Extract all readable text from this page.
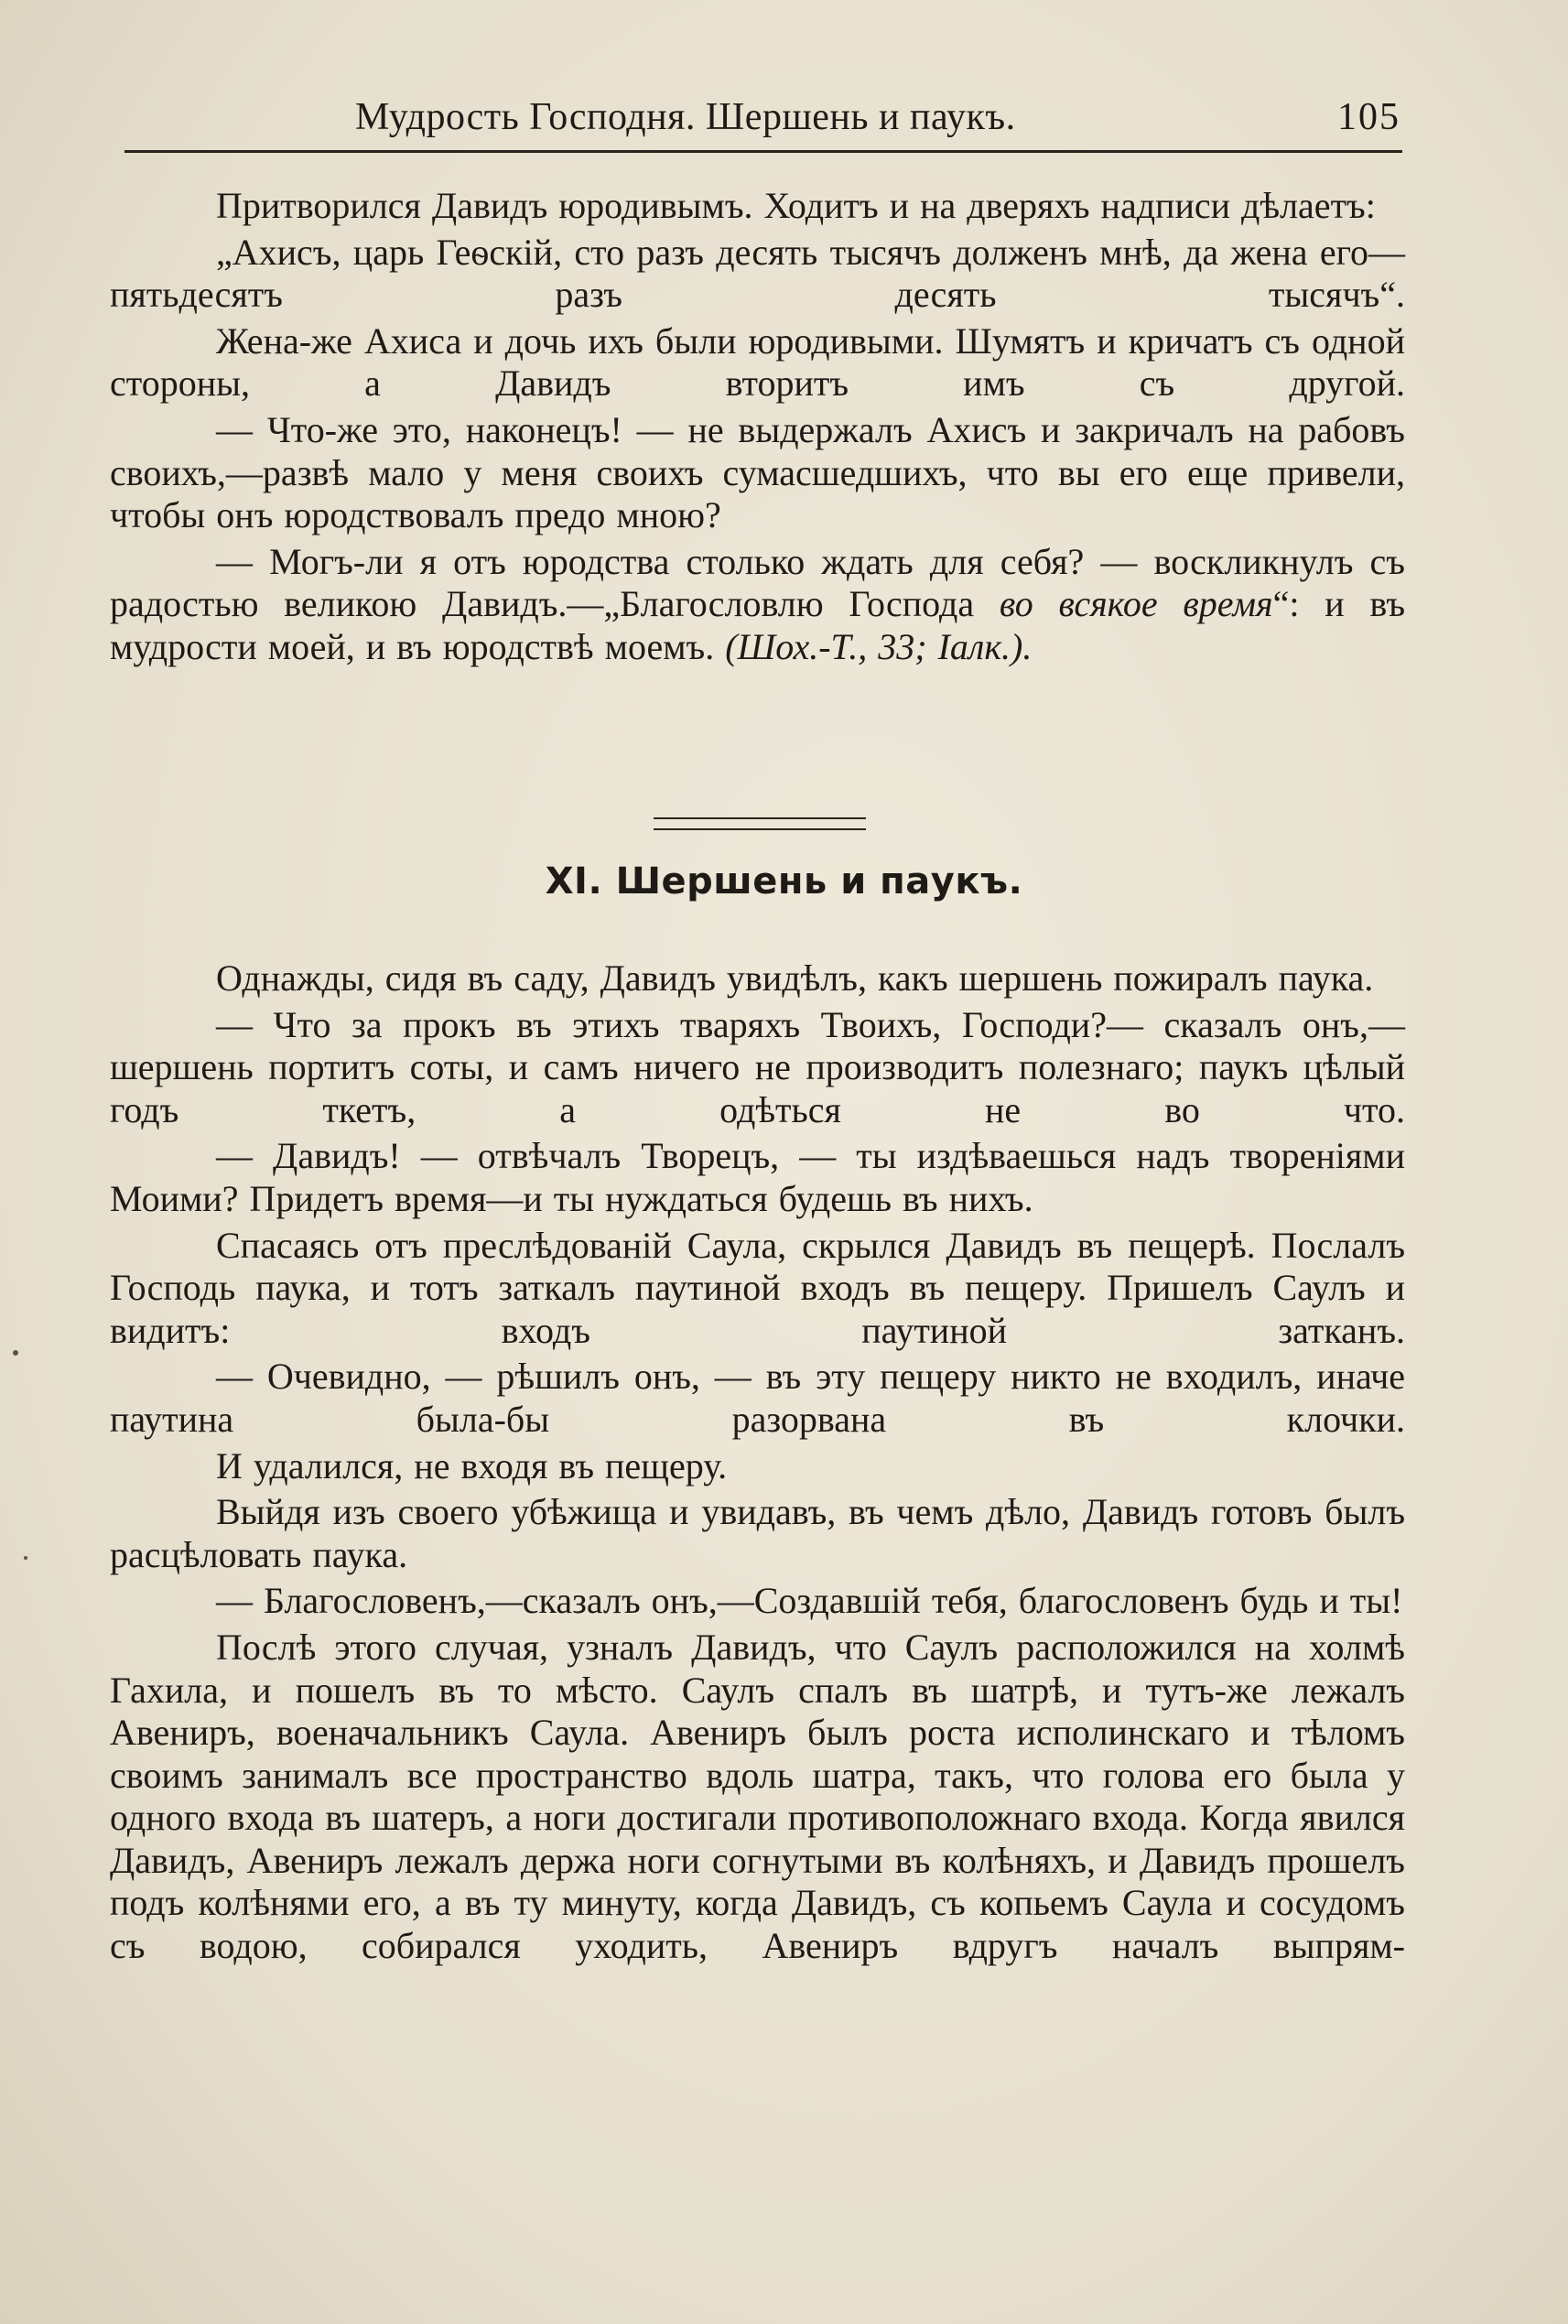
Мудрость Господня. Шершень и паукъ.	105

Притворился Давидъ юродивымъ. Ходитъ и на дверяхъ надписи дѣлаетъ:

„Ахисъ, царь Геѳскій, сто разъ десять тысячъ долженъ мнѣ, да жена его—пятьдесятъ разъ десять тысячъ“.

Жена-же Ахиса и дочь ихъ были юродивыми. Шумятъ и кричатъ съ одной стороны, а Давидъ вторитъ имъ съ другой.

— Что-же это, наконецъ! — не выдержалъ Ахисъ и закричалъ на рабовъ своихъ,—развѣ мало у меня своихъ сумасшедшихъ, что вы его еще привели, чтобы онъ юродствовалъ предо мною?

— Могъ-ли я отъ юродства столько ждать для себя? — воскликнулъ съ радостью великою Давидъ.—„Благословлю Господа во всякое время“: и въ мудрости моей, и въ юродствѣ моемъ. (Шох.-Т., 33; Іалк.).

XI. Шершень и паукъ.

Однажды, сидя въ саду, Давидъ увидѣлъ, какъ шершень пожиралъ паука.

— Что за прокъ въ этихъ тваряхъ Твоихъ, Господи?— сказалъ онъ,—шершень портитъ соты, и самъ ничего не производитъ полезнаго; паукъ цѣлый годъ ткетъ, а одѣться не во что.

— Давидъ! — отвѣчалъ Творецъ, — ты издѣваешься надъ твореніями Моими? Придетъ время—и ты нуждаться будешь въ нихъ.

Спасаясь отъ преслѣдованій Саула, скрылся Давидъ въ пещерѣ. Послалъ Господь паука, и тотъ заткалъ паутиной входъ въ пещеру. Пришелъ Саулъ и видитъ: входъ паутиной затканъ.

— Очевидно, — рѣшилъ онъ, — въ эту пещеру никто не входилъ, иначе паутина была-бы разорвана въ клочки.

И удалился, не входя въ пещеру.

Выйдя изъ своего убѣжища и увидавъ, въ чемъ дѣло, Давидъ готовъ былъ расцѣловать паука.

— Благословенъ,—сказалъ онъ,—Создавшій тебя, благословенъ будь и ты!

Послѣ этого случая, узналъ Давидъ, что Саулъ расположился на холмѣ Гахила, и пошелъ въ то мѣсто. Саулъ спалъ въ шатрѣ, и тутъ-же лежалъ Авениръ, военачальникъ Саула. Авениръ былъ роста исполинскаго и тѣломъ своимъ занималъ все пространство вдоль шатра, такъ, что голова его была у одного входа въ шатеръ, а ноги достигали противоположнаго входа. Когда явился Давидъ, Авениръ лежалъ держа ноги согнутыми въ колѣняхъ, и Давидъ прошелъ подъ колѣнями его, а въ ту минуту, когда Давидъ, съ копьемъ Саула и сосудомъ съ водою, собирался уходить, Авениръ вдругъ началъ выпрям-
